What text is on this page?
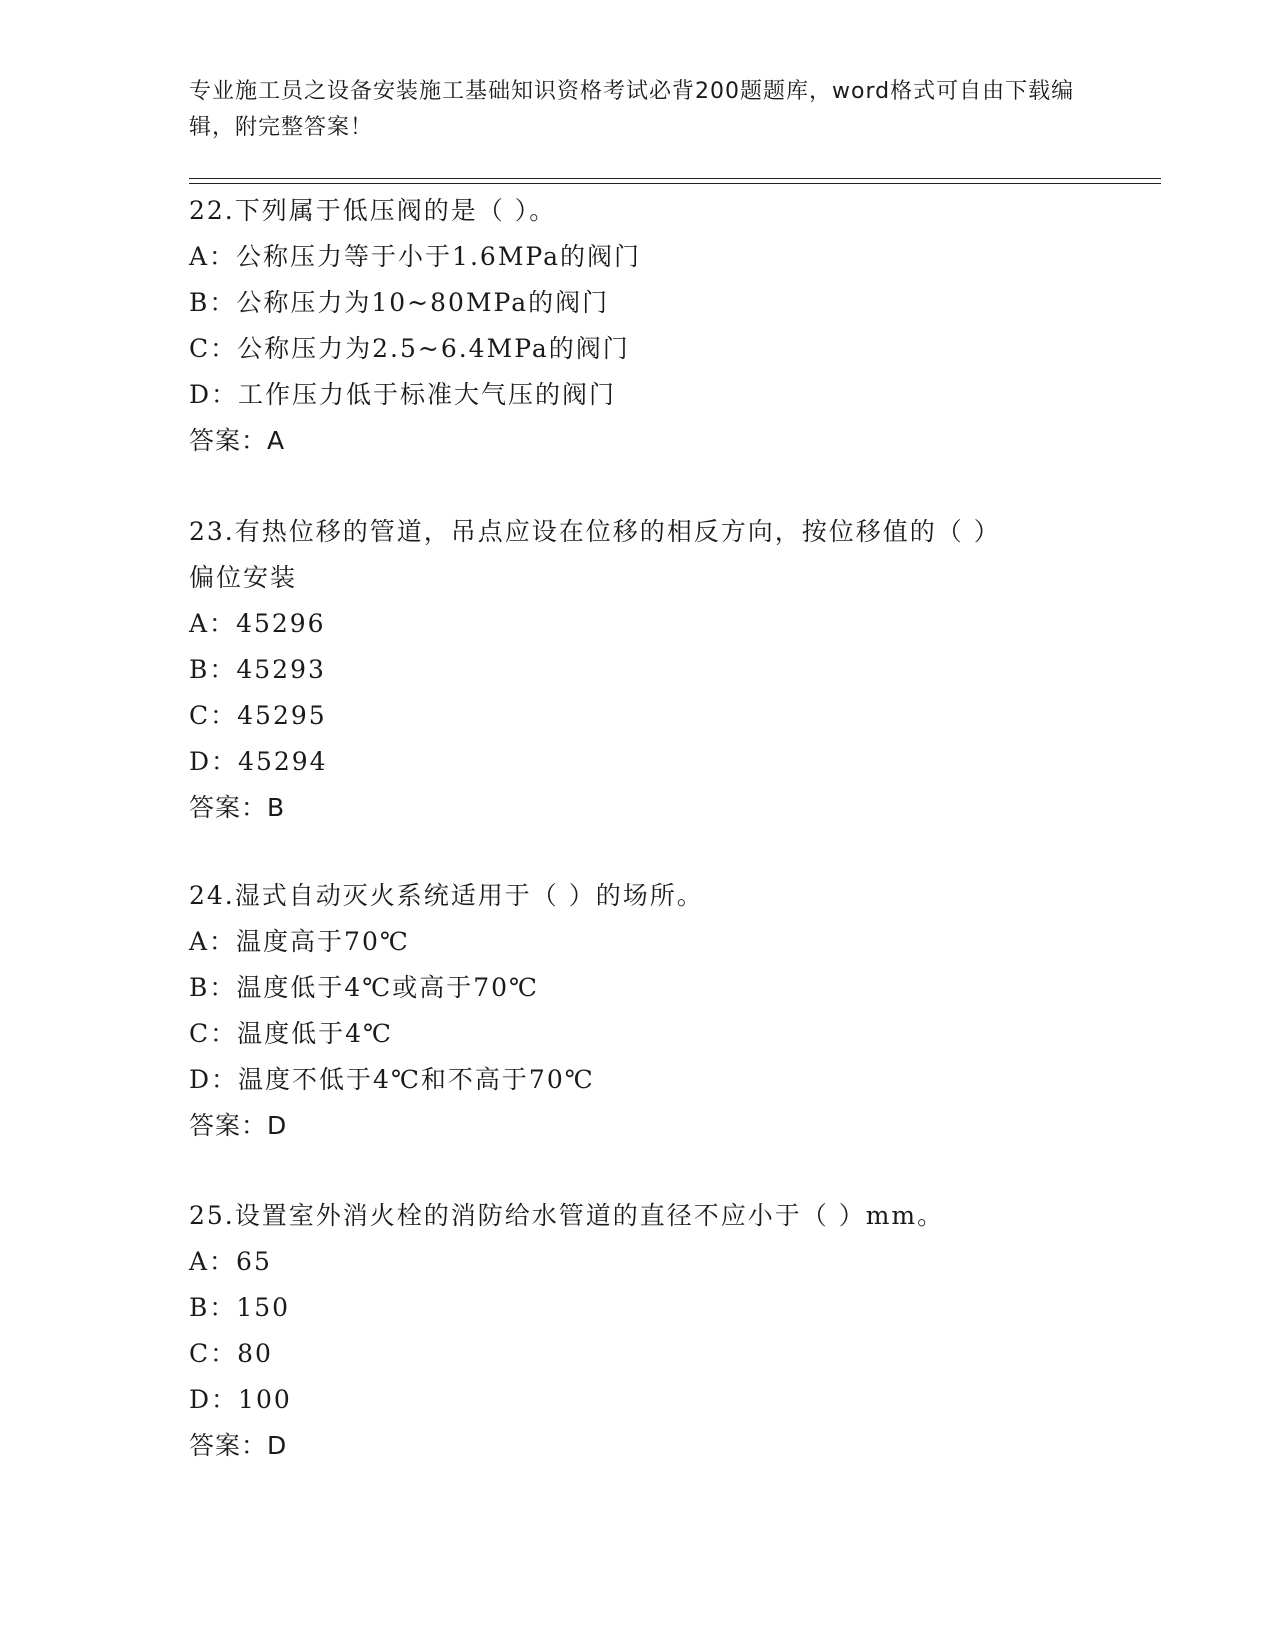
专业施工员之设备安装施工基础知识资格考试必背200题题库，word格式可自由下载编辑，附完整答案！
22.下列属于低压阀的是（ ）。
A：公称压力等于小于1.6MPa的阀门
B：公称压力为10~80MPa的阀门
C：公称压力为2.5~6.4MPa的阀门
D：工作压力低于标准大气压的阀门
答案：A
23.有热位移的管道，吊点应设在位移的相反方向，按位移值的（ ）
偏位安装
A：45296
B：45293
C：45295
D：45294
答案：B
24.湿式自动灭火系统适用于（ ）的场所。
A：温度高于70℃
B：温度低于4℃或高于70℃
C：温度低于4℃
D：温度不低于4℃和不高于70℃
答案：D
25.设置室外消火栓的消防给水管道的直径不应小于（ ）mm。
A：65
B：150
C：80
D：100
答案：D
